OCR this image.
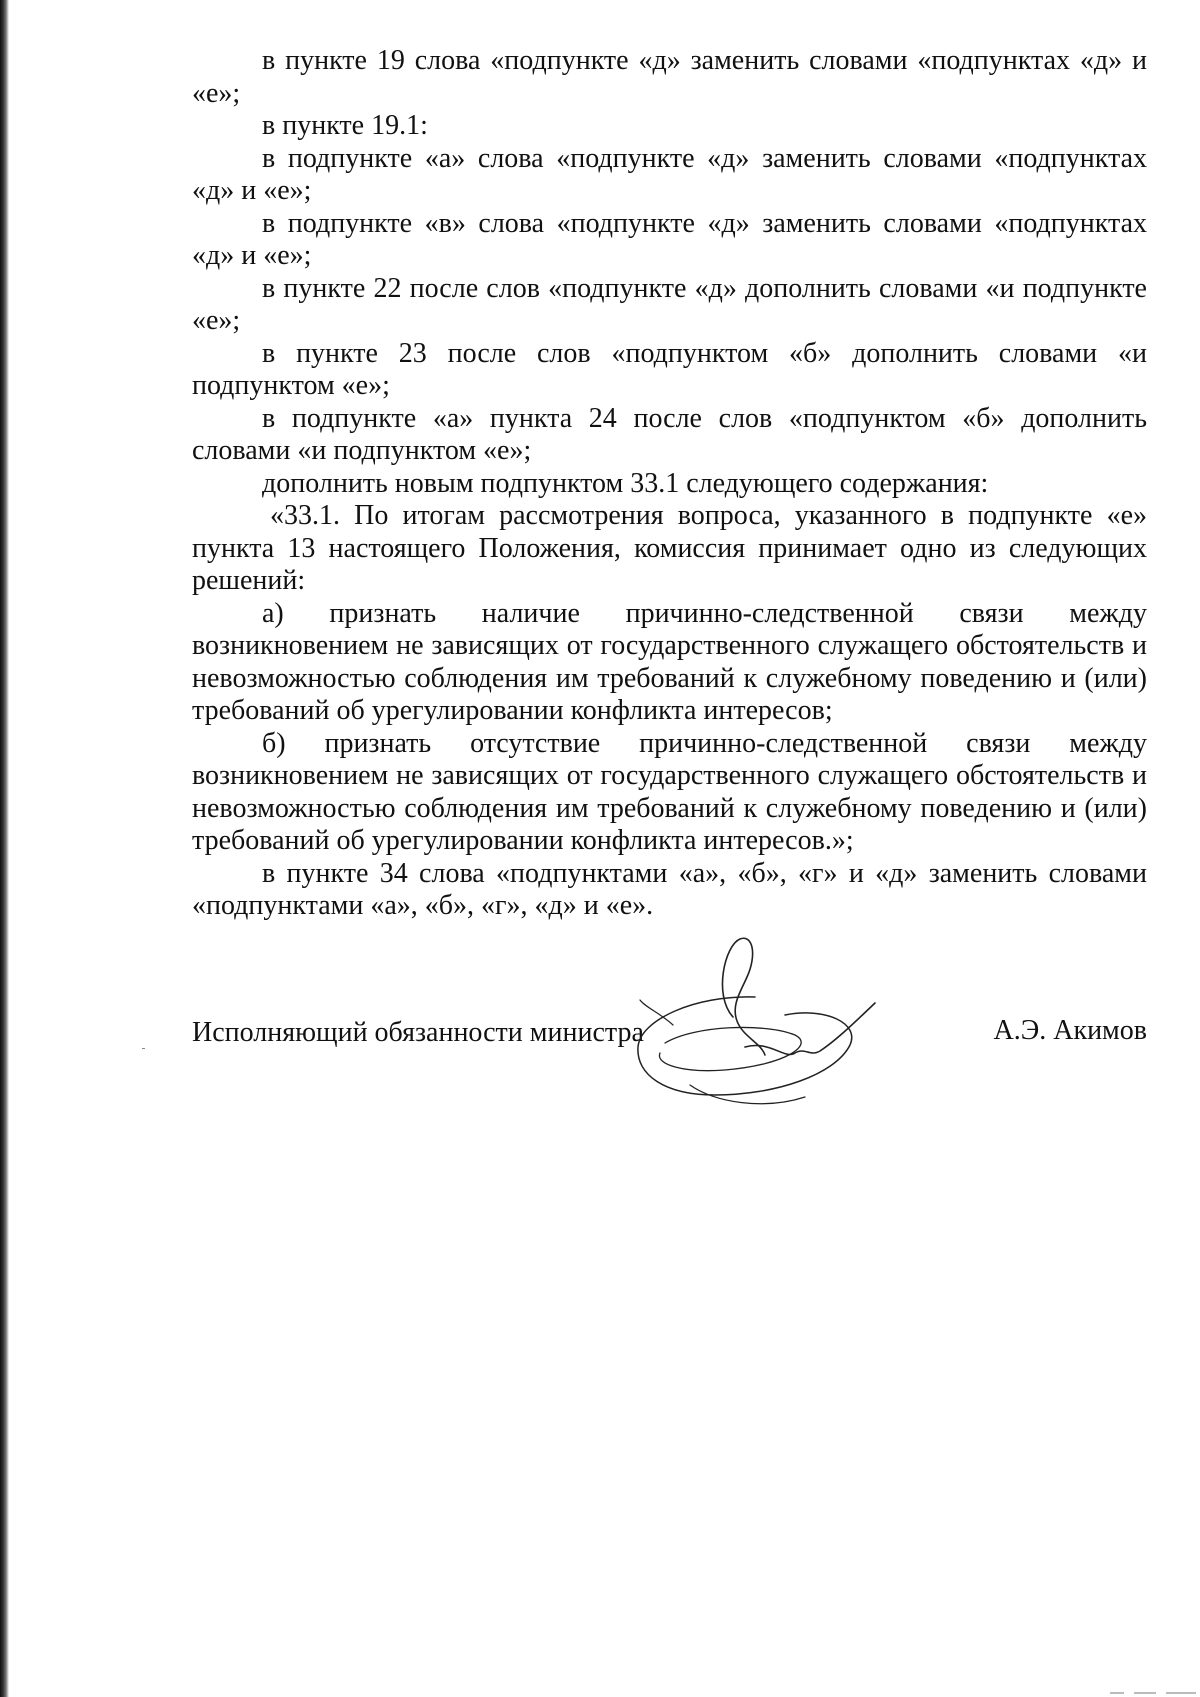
в пункте 19 слова «подпункте «д» заменить словами «подпунктах «д» и «е»;

в пункте 19.1:

в подпункте «а» слова «подпункте «д» заменить словами «подпунктах «д» и «е»;

в подпункте «в» слова «подпункте «д» заменить словами «подпунктах «д» и «е»;

в пункте 22 после слов «подпункте «д» дополнить словами «и подпункте «е»;

в пункте 23 после слов «подпунктом «б» дополнить словами «и подпунктом «е»;

в подпункте «а» пункта 24 после слов «подпунктом «б» дополнить словами «и подпунктом «е»;

дополнить новым подпунктом 33.1 следующего содержания:

«33.1. По итогам рассмотрения вопроса, указанного в подпункте «е» пункта 13 настоящего Положения, комиссия принимает одно из следующих решений:

а) признать наличие причинно-следственной связи между возникновением не зависящих от государственного служащего обстоятельств и невозможностью соблюдения им требований к служебному поведению и (или) требований об урегулировании конфликта интересов;

б) признать отсутствие причинно-следственной связи между возникновением не зависящих от государственного служащего обстоятельств и невозможностью соблюдения им требований к служебному поведению и (или) требований об урегулировании конфликта интересов.»;

в пункте 34 слова «подпунктами «а», «б», «г» и «д» заменить словами «подпунктами «а», «б», «г», «д» и «е».

Исполняющий обязанности министра	А.Э. Акимов
